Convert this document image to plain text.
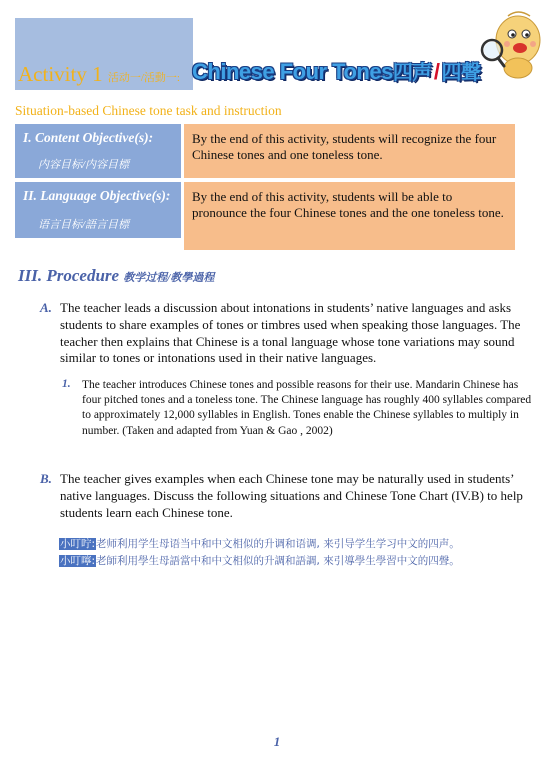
Activity 1 活动一/活動一: Chinese Four Tones四声/ 四聲
Situation-based Chinese tone task and instruction
I. Content Objective(s):
内容目标/内容目標
By the end of this activity, students will recognize the four Chinese tones and one toneless tone.
II. Language Objective(s):
语言目标/語言目標
By the end of this activity, students will be able to pronounce the four Chinese tones and the one toneless tone.
III. Procedure 教学过程/教學過程
A. The teacher leads a discussion about intonations in students’ native languages and asks students to share examples of tones or timbres used when speaking those languages. The teacher then explains that Chinese is a tonal language whose tone variations may sound similar to tones or intonations used in their native languages.
1. The teacher introduces Chinese tones and possible reasons for their use. Mandarin Chinese has four pitched tones and a toneless tone. The Chinese language has roughly 400 syllables compared to approximately 12,000 syllables in English. Tones enable the Chinese syllables to multiply in number. (Taken and adapted from Yuan & Gao , 2002)
B. The teacher gives examples when each Chinese tone may be naturally used in students’ native languages. Discuss the following situations and Chinese Tone Chart (IV.B) to help students learn each Chinese tone.
小叮咛:老师利用学生母语当中和中文相似的升调和语调, 来引导学生学习中文的四声。
小叮嚀:老師利用學生母語當中和中文相似的升調和語調, 來引導學生學習中文的四聲。
1
